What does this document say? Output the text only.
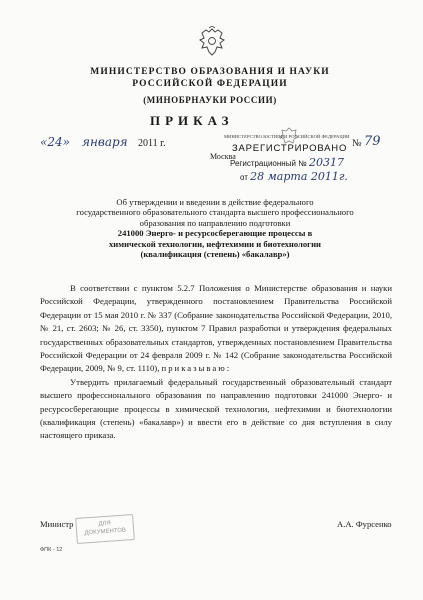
МИНИСТЕРСТВО ОБРАЗОВАНИЯ И НАУКИ
РОССИЙСКОЙ ФЕДЕРАЦИИ
(МИНОБРНАУКИ РОССИИ)
ПРИКАЗ
«24» января 2011 г.	№ 79
Москва
МИНИСТЕРСТВО ЮСТИЦИИ РОССИЙСКОЙ ФЕДЕРАЦИИ
ЗАРЕГИСТРИРОВАНО
Регистрационный № 20317
от 28 марта 2011г.
Об утверждении и введении в действие федерального
государственного образовательного стандарта высшего профессионального
образования по направлению подготовки
241000 Энерго- и ресурсосберегающие процессы в
химической технологии, нефтехимии и биотехнологии
(квалификация (степень) «бакалавр»)

В соответствии с пунктом 5.2.7 Положения о Министерстве образования и науки Российской Федерации, утвержденного постановлением Правительства Российской Федерации от 15 мая 2010 г. № 337 (Собрание законодательства Российской Федерации, 2010, № 21, ст. 2603; № 26, ст. 3350), пунктом 7 Правил разработки и утверждения федеральных государственных образовательных стандартов, утвержденных постановлением Правительства Российской Федерации от 24 февраля 2009 г. № 142 (Собрание законодательства Российской Федерации, 2009, № 9, ст. 1110), приказываю:

Утвердить прилагаемый федеральный государственный образовательный стандарт высшего профессионального образования по направлению подготовки 241000 Энерго- и ресурсосберегающие процессы в химической технологии, нефтехимии и биотехнологии (квалификация (степень) «бакалавр») и ввести его в действие со дня вступления в силу настоящего приказа.

Министр	ДЛЯ
ДОКУМЕНТОВ
А.А. Фурсенко
ФПК - 12
